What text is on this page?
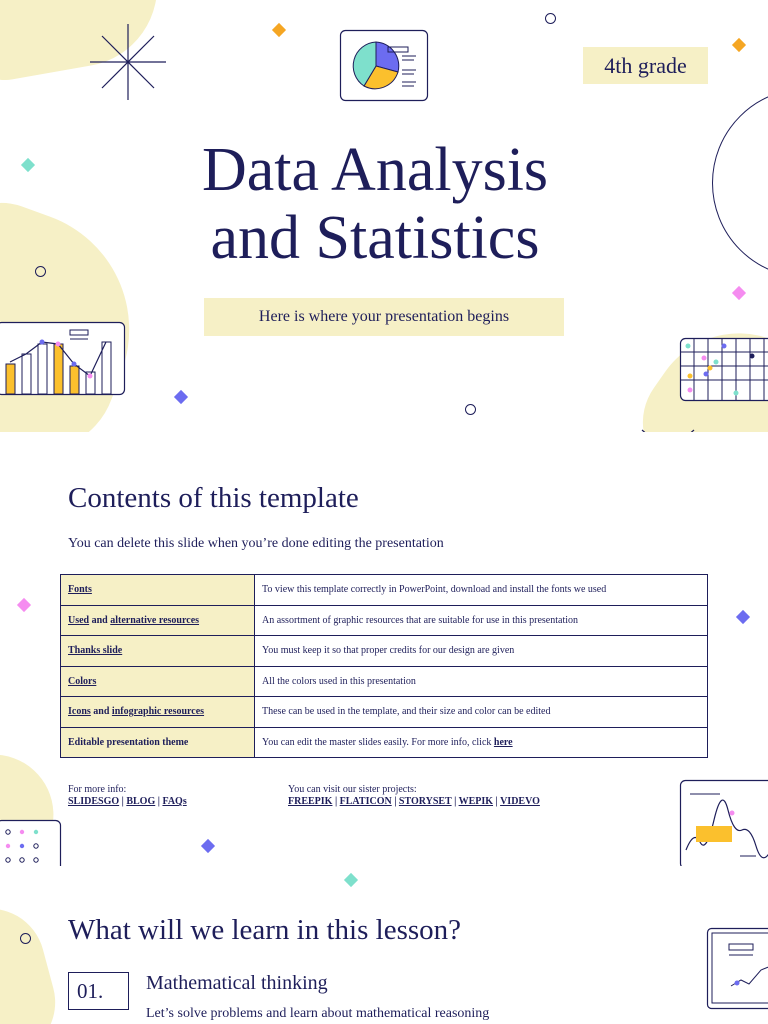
4th grade
Data Analysis
and Statistics
Here is where your presentation begins
Contents of this template
You can delete this slide when you’re done editing the presentation
Fonts	To view this template correctly in PowerPoint, download and install the fonts we used
Used and alternative resources	An assortment of graphic resources that are suitable for use in this presentation
Thanks slide	You must keep it so that proper credits for our design are given
Colors	All the colors used in this presentation
Icons and infographic resources	These can be used in the template, and their size and color can be edited
Editable presentation theme	You can edit the master slides easily. For more info, click here
For more info:
SLIDESGO | BLOG | FAQs
You can visit our sister projects:
FREEPIK | FLATICON | STORYSET | WEPIK | VIDEVO
What will we learn in this lesson?
01.	Mathematical thinking
Let’s solve problems and learn about mathematical reasoning
